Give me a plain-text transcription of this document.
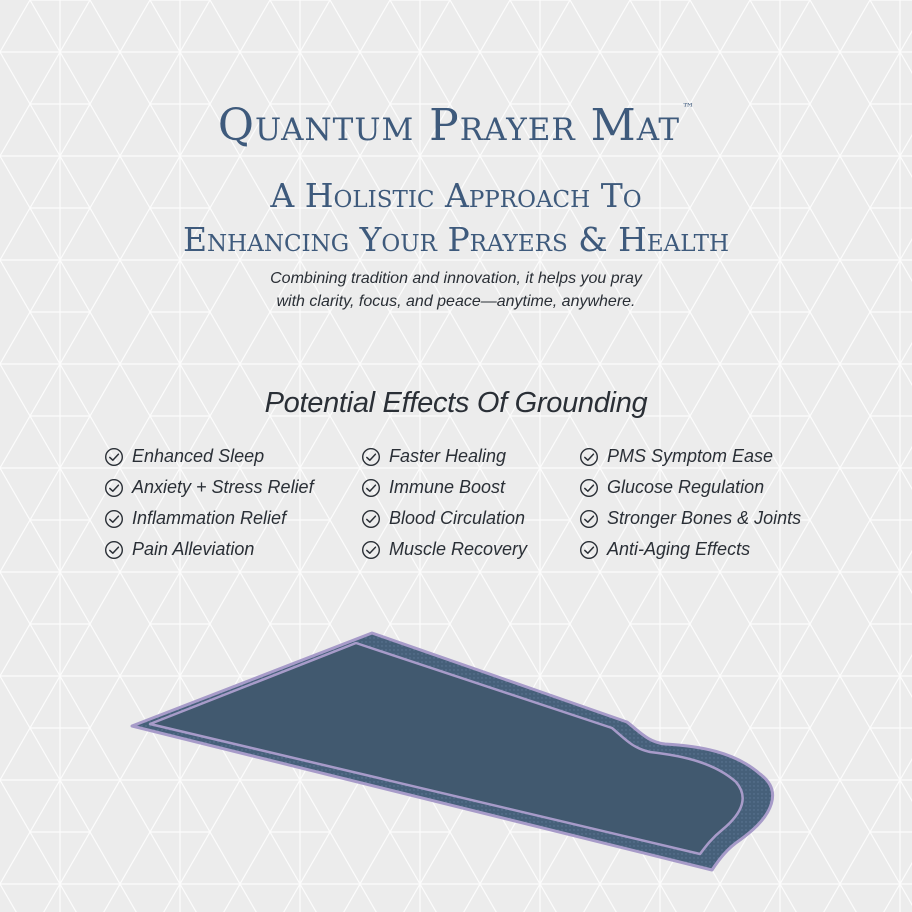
Quantum Prayer Mat ™
A Holistic Approach To
Enhancing Your Prayers & Health
Combining tradition and innovation, it helps you pray
with clarity, focus, and peace—anytime, anywhere.
Potential Effects Of Grounding
Enhanced Sleep
Anxiety + Stress Relief
Inflammation Relief
Pain Alleviation
Faster Healing
Immune Boost
Blood Circulation
Muscle Recovery
PMS Symptom Ease
Glucose Regulation
Stronger Bones & Joints
Anti-Aging Effects
